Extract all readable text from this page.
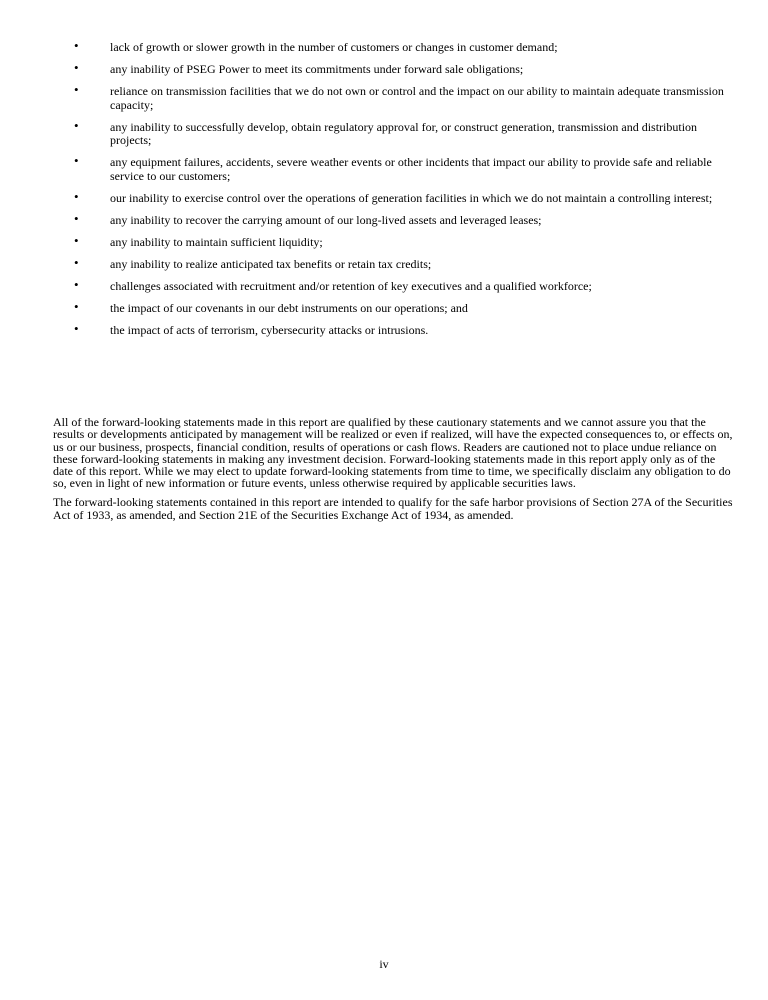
•	lack of growth or slower growth in the number of customers or changes in customer demand;
•	any inability of PSEG Power to meet its commitments under forward sale obligations;
•	reliance on transmission facilities that we do not own or control and the impact on our ability to maintain adequate transmission capacity;
•	any inability to successfully develop, obtain regulatory approval for, or construct generation, transmission and distribution projects;
•	any equipment failures, accidents, severe weather events or other incidents that impact our ability to provide safe and reliable service to our customers;
•	our inability to exercise control over the operations of generation facilities in which we do not maintain a controlling interest;
•	any inability to recover the carrying amount of our long-lived assets and leveraged leases;
•	any inability to maintain sufficient liquidity;
•	any inability to realize anticipated tax benefits or retain tax credits;
•	challenges associated with recruitment and/or retention of key executives and a qualified workforce;
•	the impact of our covenants in our debt instruments on our operations; and
•	the impact of acts of terrorism, cybersecurity attacks or intrusions.

All of the forward-looking statements made in this report are qualified by these cautionary statements and we cannot assure you that the results or developments anticipated by management will be realized or even if realized, will have the expected consequences to, or effects on, us or our business, prospects, financial condition, results of operations or cash flows. Readers are cautioned not to place undue reliance on these forward-looking statements in making any investment decision. Forward-looking statements made in this report apply only as of the date of this report. While we may elect to update forward-looking statements from time to time, we specifically disclaim any obligation to do so, even in light of new information or future events, unless otherwise required by applicable securities laws.

The forward-looking statements contained in this report are intended to qualify for the safe harbor provisions of Section 27A of the Securities Act of 1933, as amended, and Section 21E of the Securities Exchange Act of 1934, as amended.

iv
